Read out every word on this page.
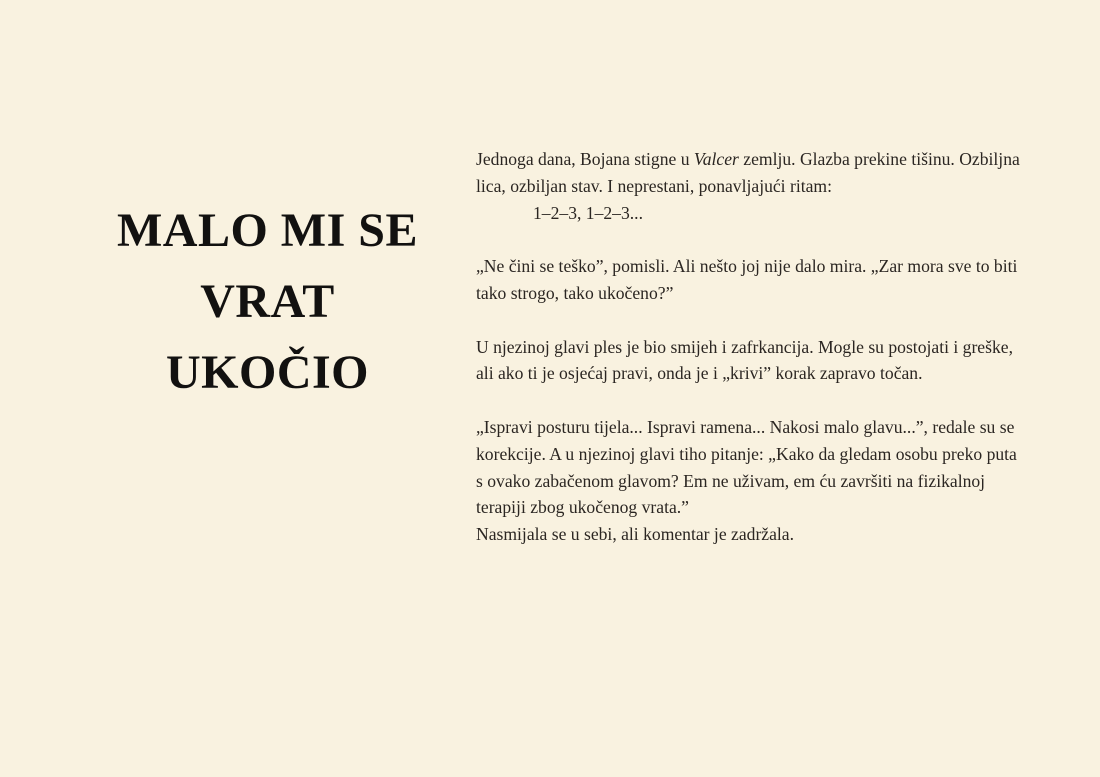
MALO MI SE
VRAT
UKOČIO

Jednoga dana, Bojana stigne u Valcer zemlju. Glazba prekine tišinu. Ozbiljna lica, ozbiljan stav. I neprestani, ponavljajući ritam:
1–2–3, 1–2–3...

„Ne čini se teško”, pomisli. Ali nešto joj nije dalo mira. „Zar mora sve to biti tako strogo, tako ukočeno?”

U njezinoj glavi ples je bio smijeh i zafrkancija. Mogle su postojati i greške, ali ako ti je osjećaj pravi, onda je i „krivi” korak zapravo točan.

„Ispravi posturu tijela... Ispravi ramena... Nakosi malo glavu...”, redale su se korekcije. A u njezinoj glavi tiho pitanje: „Kako da gledam osobu preko puta s ovako zabačenom glavom? Em ne uživam, em ću završiti na fizikalnoj terapiji zbog ukočenog vrata.”
Nasmijala se u sebi, ali komentar je zadržala.
